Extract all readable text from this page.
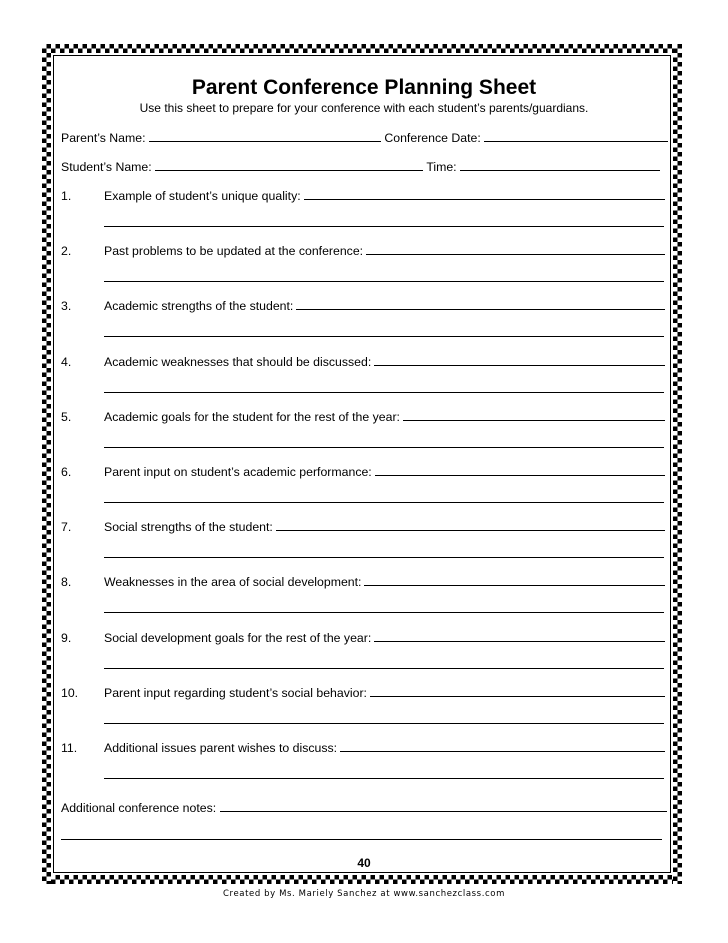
Parent Conference Planning Sheet
Use this sheet to prepare for your conference with each student’s parents/guardians.
Parent’s Name:	Conference Date:
Student’s Name:	Time:
1.	Example of student’s unique quality:
2.	Past problems to be updated at the conference:
3.	Academic strengths of the student:
4.	Academic weaknesses that should be discussed:
5.	Academic goals for the student for the rest of the year:
6.	Parent input on student’s academic performance:
7.	Social strengths of the student:
8.	Weaknesses in the area of social development:
9.	Social development goals for the rest of the year:
10. Parent input regarding student’s social behavior:
11. Additional issues parent wishes to discuss:
Additional conference notes:
40
Created by Ms. Mariely Sanchez at www.sanchezclass.com
